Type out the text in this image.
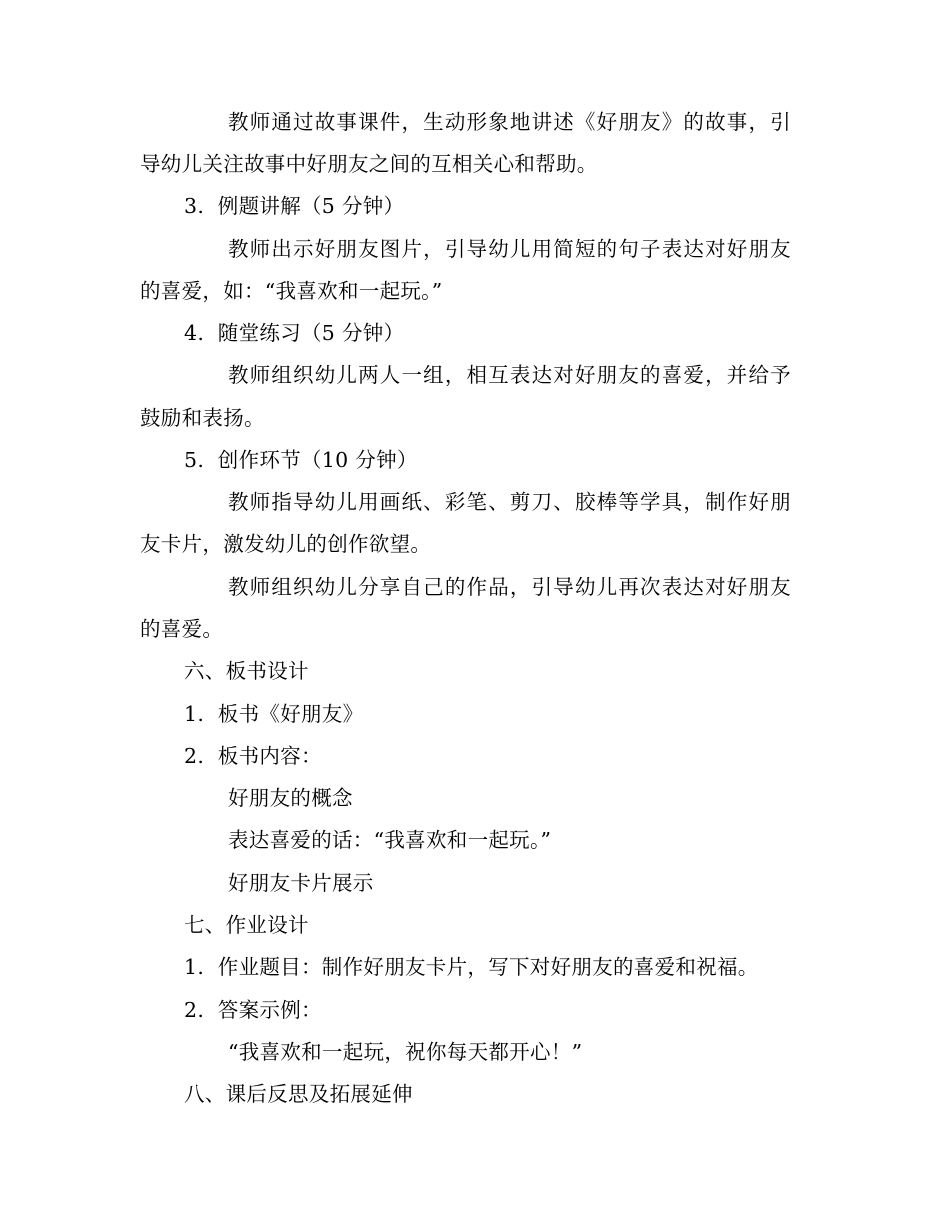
教师通过故事课件，生动形象地讲述《好朋友》的故事，引
导幼儿关注故事中好朋友之间的互相关心和帮助。
3.  例题讲解（5 分钟）
教师出示好朋友图片，引导幼儿用简短的句子表达对好朋友
的喜爱，如：“我喜欢和一起玩。”
4.  随堂练习（5 分钟）
教师组织幼儿两人一组，相互表达对好朋友的喜爱，并给予
鼓励和表扬。
5.  创作环节（10 分钟）
教师指导幼儿用画纸、彩笔、剪刀、胶棒等学具，制作好朋
友卡片，激发幼儿的创作欲望。
教师组织幼儿分享自己的作品，引导幼儿再次表达对好朋友
的喜爱。
六、板书设计
1.  板书《好朋友》
2.  板书内容：
好朋友的概念
表达喜爱的话：“我喜欢和一起玩。”
好朋友卡片展示
七、作业设计
1.  作业题目：制作好朋友卡片，写下对好朋友的喜爱和祝福。
2.  答案示例：
“我喜欢和一起玩，祝你每天都开心！”
八、课后反思及拓展延伸
